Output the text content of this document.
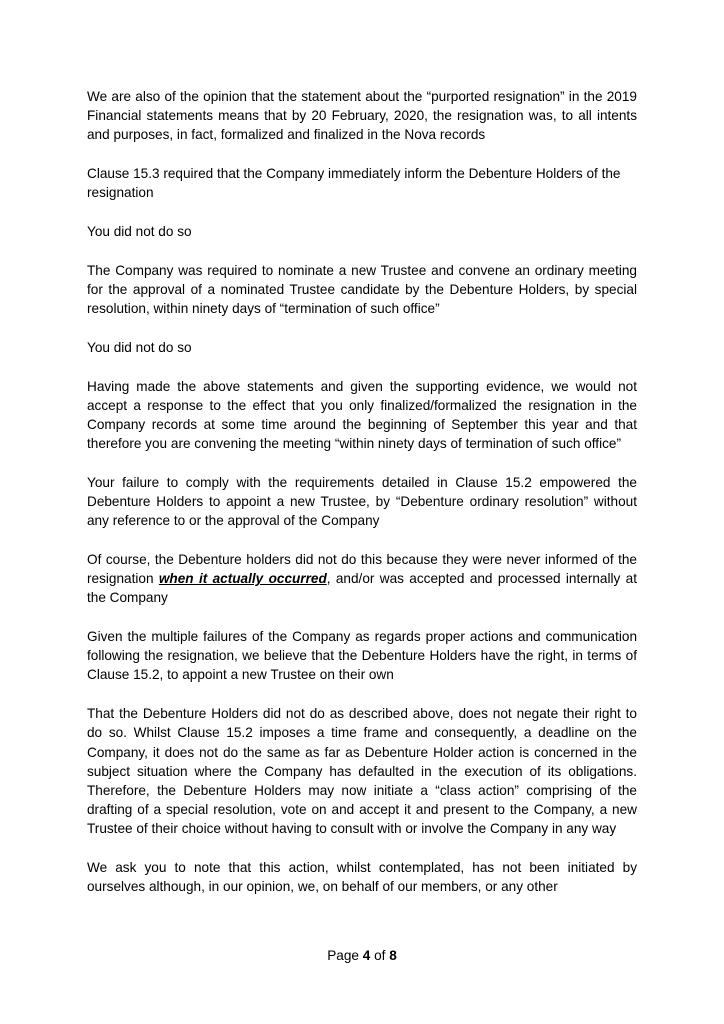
We are also of the opinion that the statement about the “purported resignation” in the 2019 Financial statements means that by 20 February, 2020, the resignation was, to all intents and purposes, in fact, formalized and finalized in the Nova records

Clause 15.3 required that the Company immediately inform the Debenture Holders of the resignation

You did not do so

The Company was required to nominate a new Trustee and convene an ordinary meeting for the approval of a nominated Trustee candidate by the Debenture Holders, by special resolution, within ninety days of “termination of such office”

You did not do so

Having made the above statements and given the supporting evidence, we would not accept a response to the effect that you only finalized/formalized the resignation in the Company records at some time around the beginning of September this year and that therefore you are convening the meeting “within ninety days of termination of such office”

Your failure to comply with the requirements detailed in Clause 15.2 empowered the Debenture Holders to appoint a new Trustee, by “Debenture ordinary resolution” without any reference to or the approval of the Company

Of course, the Debenture holders did not do this because they were never informed of the resignation when it actually occurred, and/or was accepted and processed internally at the Company

Given the multiple failures of the Company as regards proper actions and communication following the resignation, we believe that the Debenture Holders have the right, in terms of Clause 15.2, to appoint a new Trustee on their own

That the Debenture Holders did not do as described above, does not negate their right to do so. Whilst Clause 15.2 imposes a time frame and consequently, a deadline on the Company, it does not do the same as far as Debenture Holder action is concerned in the subject situation where the Company has defaulted in the execution of its obligations. Therefore, the Debenture Holders may now initiate a “class action” comprising of the drafting of a special resolution, vote on and accept it and present to the Company, a new Trustee of their choice without having to consult with or involve the Company in any way

We ask you to note that this action, whilst contemplated, has not been initiated by ourselves although, in our opinion, we, on behalf of our members, or any other

Page 4 of 8
